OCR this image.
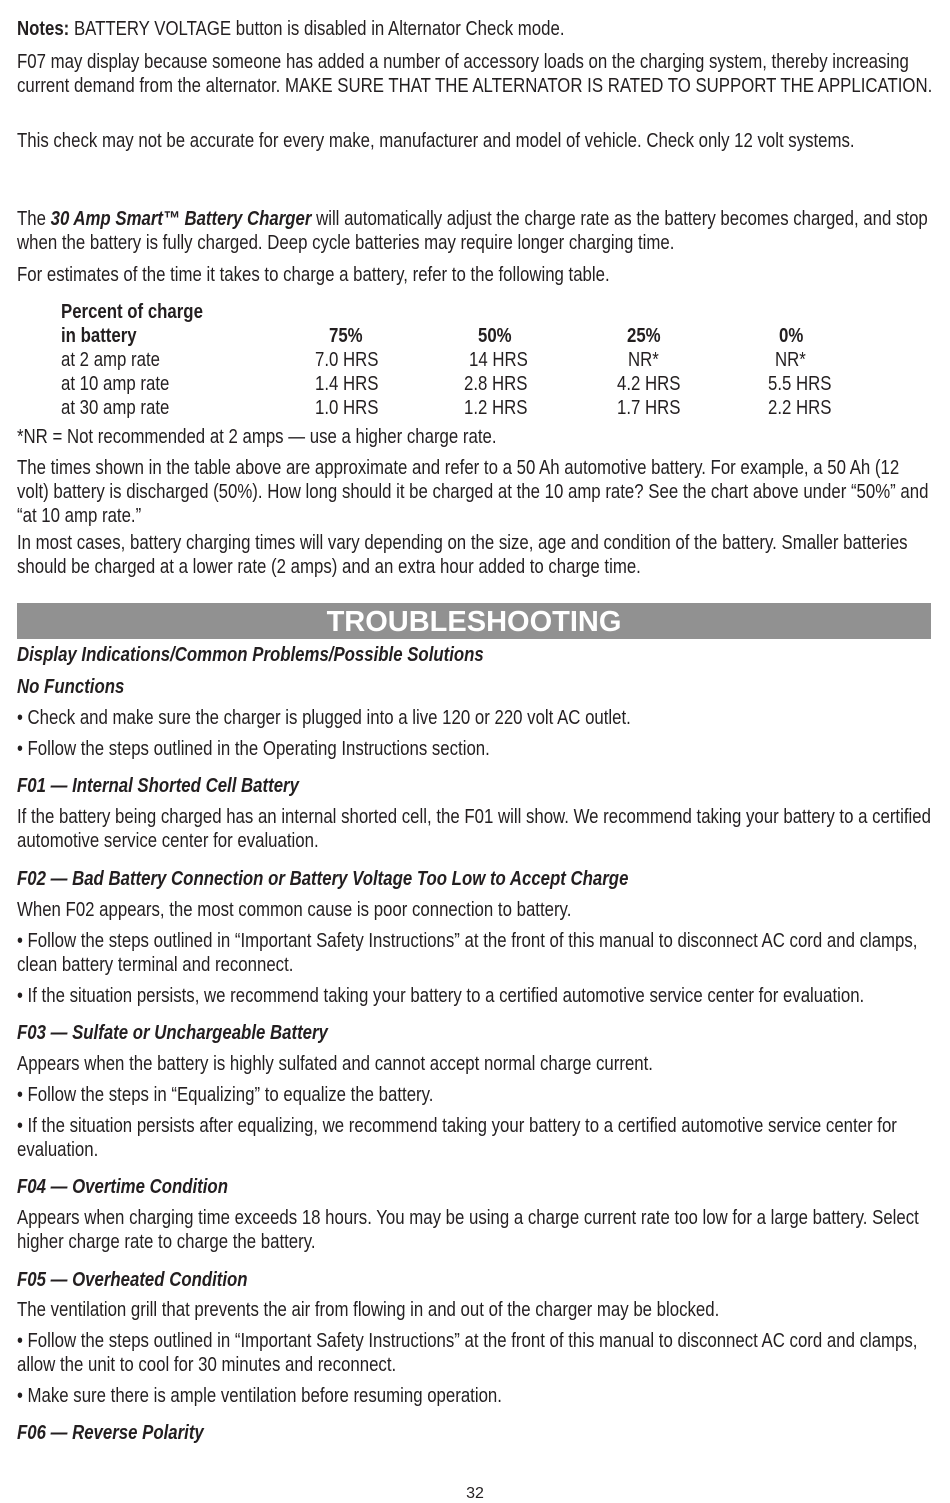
Notes: BATTERY VOLTAGE button is disabled in Alternator Check mode.

F07 may display because someone has added a number of accessory loads on the charging system, thereby increasing current demand from the alternator. MAKE SURE THAT THE ALTERNATOR IS RATED TO SUPPORT THE APPLICATION.

This check may not be accurate for every make, manufacturer and model of vehicle. Check only 12 volt systems.

The 30 Amp Smart™ Battery Charger will automatically adjust the charge rate as the battery becomes charged, and stop when the battery is fully charged. Deep cycle batteries may require longer charging time.

For estimates of the time it takes to charge a battery, refer to the following table.

Percent of charge
in battery	75%	50%	25%	0%
at 2 amp rate	7.0 HRS	14 HRS	NR*	NR*
at 10 amp rate	1.4 HRS	2.8 HRS	4.2 HRS	5.5 HRS
at 30 amp rate	1.0 HRS	1.2 HRS	1.7 HRS	2.2 HRS

*NR = Not recommended at 2 amps — use a higher charge rate.

The times shown in the table above are approximate and refer to a 50 Ah automotive battery. For example, a 50 Ah (12 volt) battery is discharged (50%). How long should it be charged at the 10 amp rate? See the chart above under “50%” and “at 10 amp rate.”

In most cases, battery charging times will vary depending on the size, age and condition of the battery. Smaller batteries should be charged at a lower rate (2 amps) and an extra hour added to charge time.

TROUBLESHOOTING

Display Indications/Common Problems/Possible Solutions

No Functions

• Check and make sure the charger is plugged into a live 120 or 220 volt AC outlet.

• Follow the steps outlined in the Operating Instructions section.

F01 — Internal Shorted Cell Battery

If the battery being charged has an internal shorted cell, the F01 will show. We recommend taking your battery to a certified automotive service center for evaluation.

F02 — Bad Battery Connection or Battery Voltage Too Low to Accept Charge

When F02 appears, the most common cause is poor connection to battery.

• Follow the steps outlined in “Important Safety Instructions” at the front of this manual to disconnect AC cord and clamps, clean battery terminal and reconnect.

• If the situation persists, we recommend taking your battery to a certified automotive service center for evaluation.

F03 — Sulfate or Unchargeable Battery

Appears when the battery is highly sulfated and cannot accept normal charge current.

• Follow the steps in “Equalizing” to equalize the battery.

• If the situation persists after equalizing, we recommend taking your battery to a certified automotive service center for evaluation.

F04 — Overtime Condition

Appears when charging time exceeds 18 hours. You may be using a charge current rate too low for a large battery. Select higher charge rate to charge the battery.

F05 — Overheated Condition

The ventilation grill that prevents the air from flowing in and out of the charger may be blocked.

• Follow the steps outlined in “Important Safety Instructions” at the front of this manual to disconnect AC cord and clamps, allow the unit to cool for 30 minutes and reconnect.

• Make sure there is ample ventilation before resuming operation.

F06 — Reverse Polarity

32
